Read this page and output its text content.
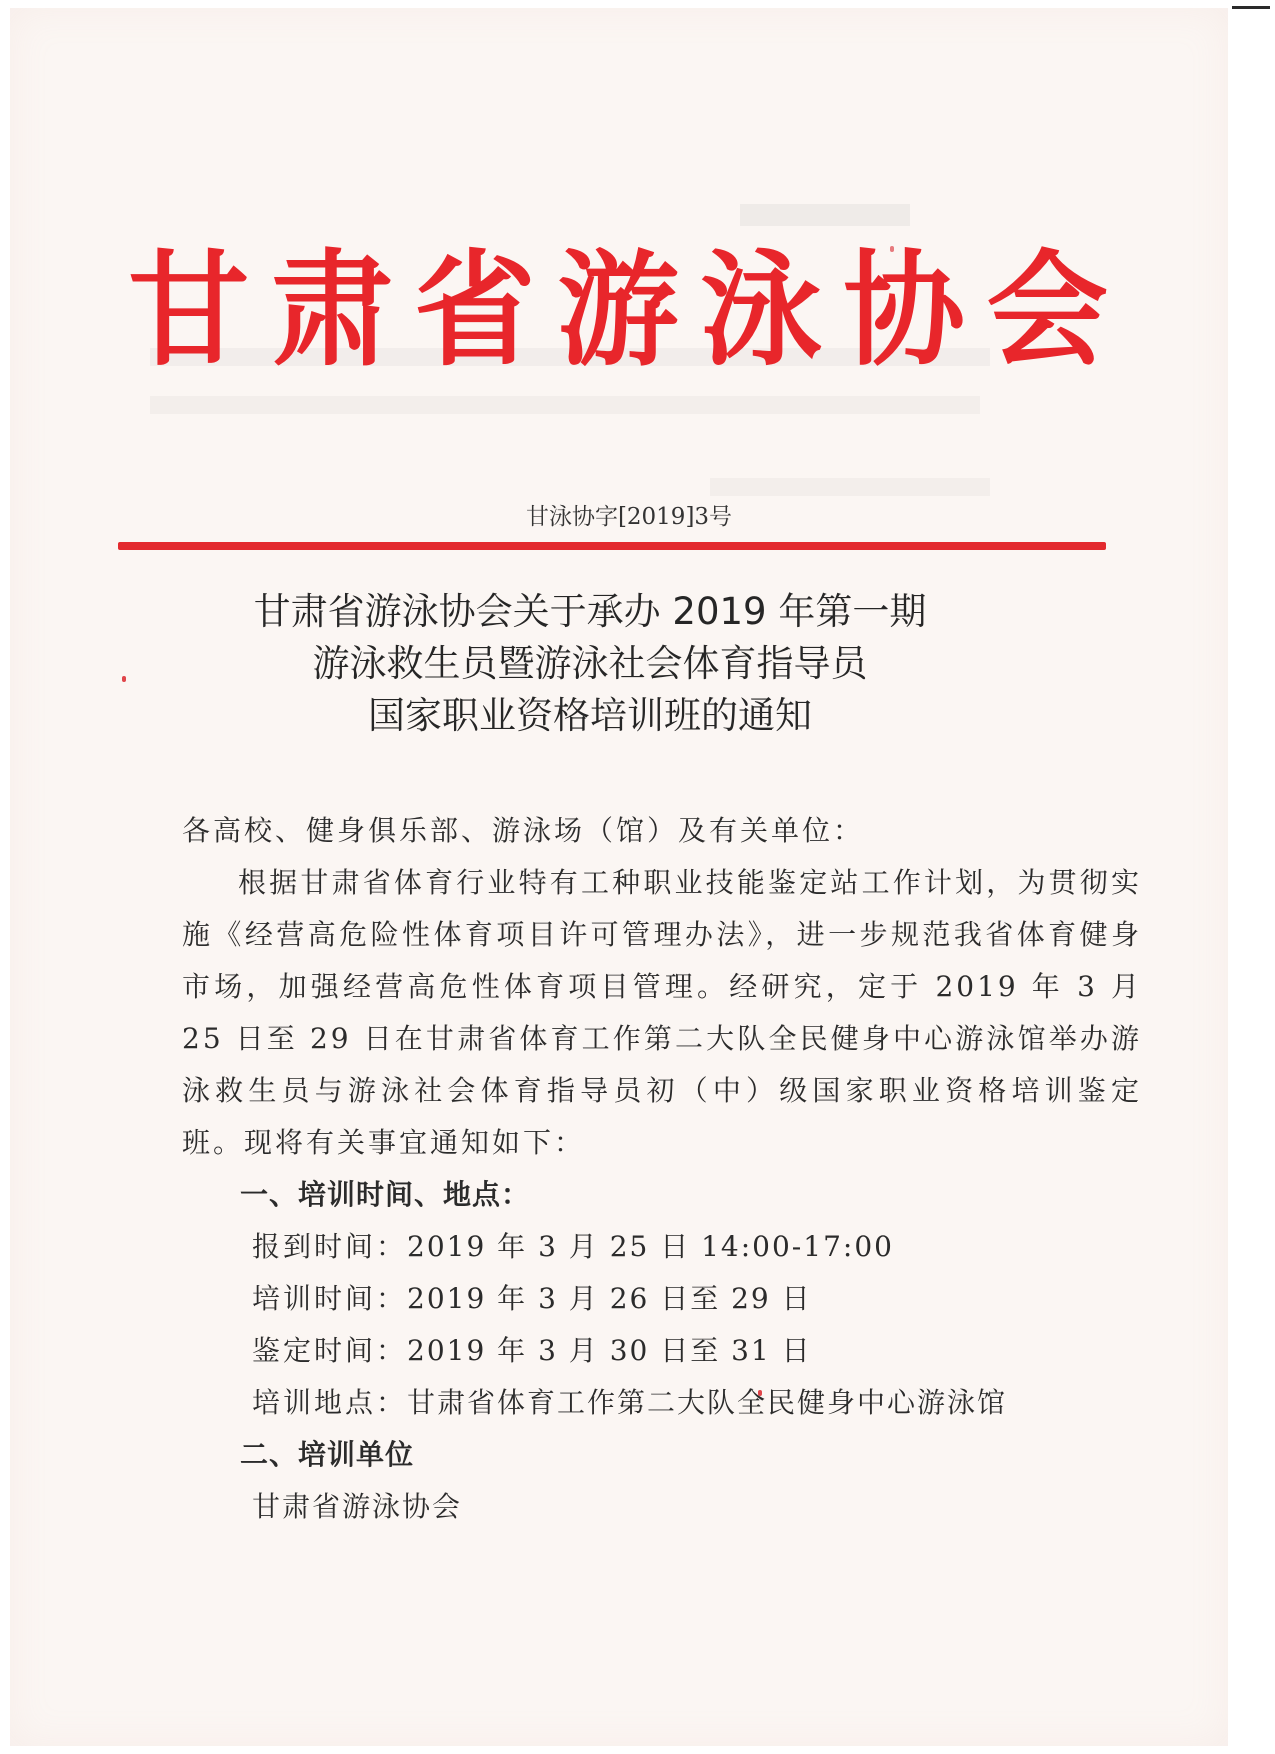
甘肃省游泳协会
甘泳协字[2019]3号
甘肃省游泳协会关于承办 2019 年第一期
游泳救生员暨游泳社会体育指导员
国家职业资格培训班的通知

各高校、健身俱乐部、游泳场（馆）及有关单位：

根据甘肃省体育行业特有工种职业技能鉴定站工作计划，为贯彻实施《经营高危险性体育项目许可管理办法》，进一步规范我省体育健身市场，加强经营高危性体育项目管理。经研究，定于 2019 年 3 月 25 日至 29 日在甘肃省体育工作第二大队全民健身中心游泳馆举办游泳救生员与游泳社会体育指导员初（中）级国家职业资格培训鉴定班。现将有关事宜通知如下：

一、培训时间、地点：

报到时间：2019 年 3 月 25 日 14:00-17:00

培训时间：2019 年 3 月 26 日至 29 日

鉴定时间：2019 年 3 月 30 日至 31 日

培训地点：甘肃省体育工作第二大队全民健身中心游泳馆

二、培训单位

甘肃省游泳协会
